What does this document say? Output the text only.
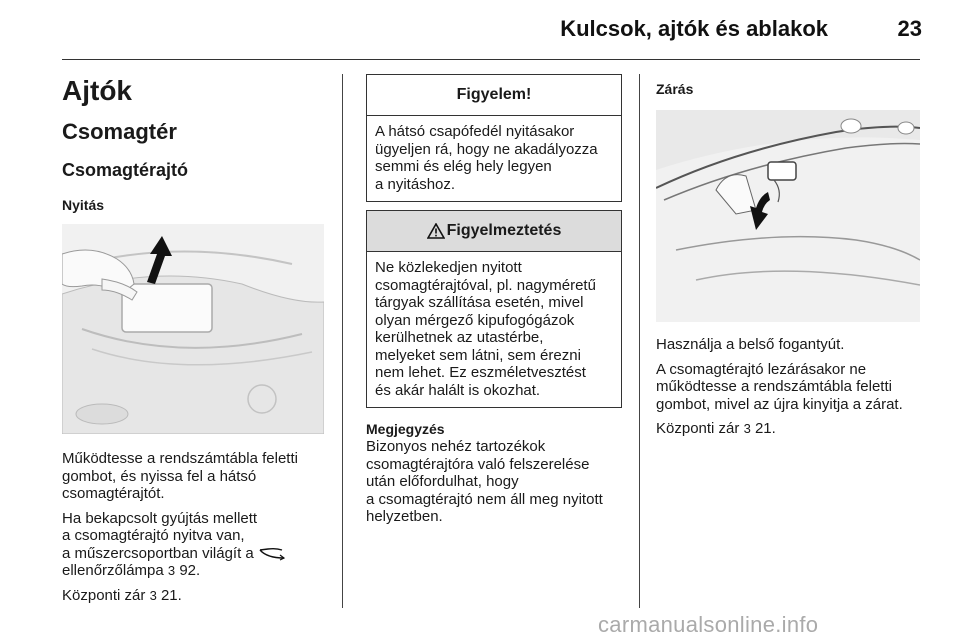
Kulcsok, ajtók és ablakok	23
Ajtók
Csomagtér
Csomagtérajtó
Nyitás

Működtesse a rendszámtábla feletti gombot, és nyissa fel a hátsó csomagtérajtót.

Ha bekapcsolt gyújtás mellett
a csomagtérajtó nyitva van,
a műszercsoportban világít a
ellenőrzőlámpa 3 92.

Központi zár 3 21.

Figyelem!
A hátsó csapófedél nyitásakor
ügyeljen rá, hogy ne akadályozza
semmi és elég hely legyen
a nyitáshoz.
Figyelmeztetés
Ne közlekedjen nyitott
csomagtérajtóval, pl. nagyméretű
tárgyak szállítása esetén, mivel
olyan mérgező kipufogógázok
kerülhetnek az utastérbe,
melyeket sem látni, sem érezni
nem lehet. Ez eszméletvesztést
és akár halált is okozhat.
Megjegyzés

Bizonyos nehéz tartozékok
csomagtérajtóra való felszerelése
után előfordulhat, hogy
a csomagtérajtó nem áll meg nyitott
helyzetben.

Zárás

Használja a belső fogantyút.

A csomagtérajtó lezárásakor ne működtesse a rendszámtábla feletti gombot, mivel az újra kinyitja a zárat.

Központi zár 3 21.

carmanualsonline.info
